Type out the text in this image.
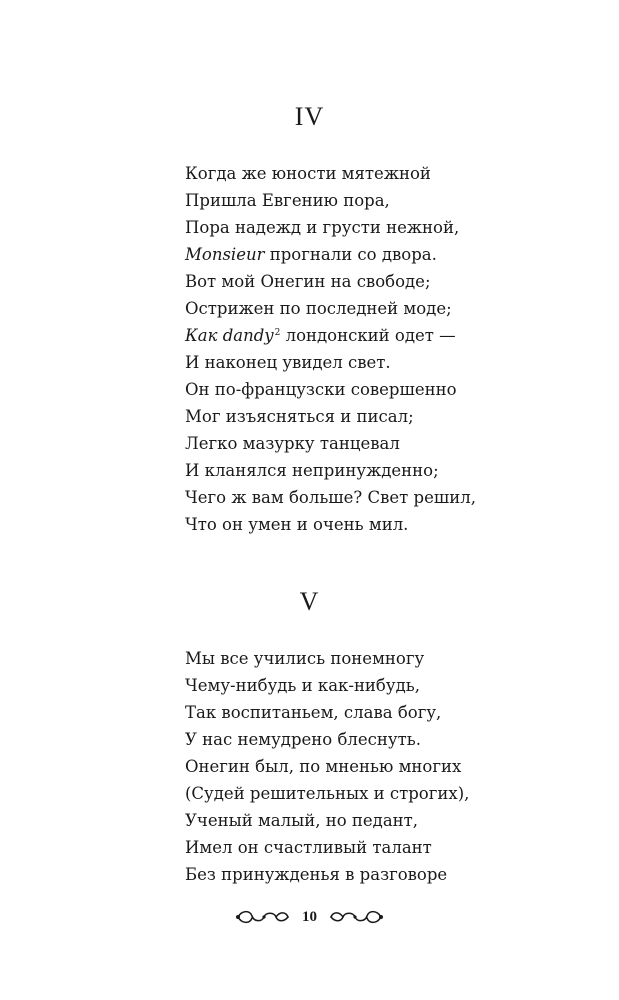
IV
Когда же юности мятежной
Пришла Евгению пора,
Пора надежд и грусти нежной,
Monsieur прогнали со двора.
Вот мой Онегин на свободе;
Острижен по последней моде;
Как dandy$^2$ лондонский одет —
И наконец увидел свет.
Он по-французски совершенно
Мог изъясняться и писал;
Легко мазурку танцевал
И кланялся непринужденно;
Чего ж вам больше? Свет решил,
Что он умен и очень мил.
V
Мы все учились понемногу
Чему-нибудь и как-нибудь,
Так воспитаньем, слава богу,
У нас немудрено блеснуть.
Онегин был, по мненью многих
(Судей решительных и строгих),
Ученый малый, но педант,
Имел он счастливый талант
Без принужденья в разговоре
10
